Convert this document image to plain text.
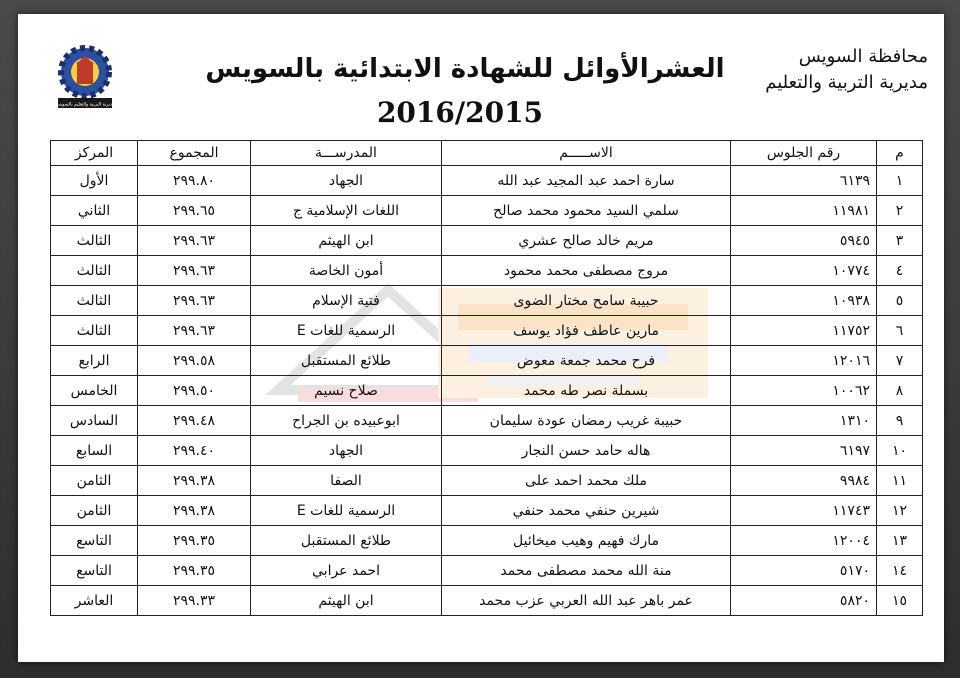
مديرية التربية والتعليم بالسويس
محافظة السويس
مديرية التربية والتعليم
العشرالأوائل للشهادة الابتدائية بالسويس
2016/2015
م	رقم الجلوس	الاســـــم	المدرســـة	المجموع	المركز
١	٦١٣٩	سارة احمد عبد المجيد عبد الله	الجهاد	٢٩٩.٨٠	الأول
٢	١١٩٨١	سلمي السيد محمود محمد صالح	اللغات الإسلامية ج	٢٩٩.٦٥	الثاني
٣	٥٩٤٥	مريم خالد صالح عشري	ابن الهيثم	٢٩٩.٦٣	الثالث
٤	١٠٧٧٤	مروج مصطفى محمد محمود	أمون الخاصة	٢٩٩.٦٣	الثالث
٥	١٠٩٣٨	حبيبة سامح مختار الضوى	فتية الإسلام	٢٩٩.٦٣	الثالث
٦	١١٧٥٢	مارين عاطف فؤاد يوسف	الرسمية للغات E	٢٩٩.٦٣	الثالث
٧	١٢٠١٦	فرح محمد جمعة معوض	طلائع المستقبل	٢٩٩.٥٨	الرابع
٨	١٠٠٦٢	بسملة نصر طه محمد	صلاح نسيم	٢٩٩.٥٠	الخامس
٩	١٣١٠	حبيبة غريب رمضان عودة سليمان	ابوعبيده بن الجراح	٢٩٩.٤٨	السادس
١٠	٦١٩٧	هاله حامد حسن النجار	الجهاد	٢٩٩.٤٠	السابع
١١	٩٩٨٤	ملك محمد احمد على	الصفا	٢٩٩.٣٨	الثامن
١٢	١١٧٤٣	شيرين حنفي محمد حنفي	الرسمية للغات E	٢٩٩.٣٨	الثامن
١٣	١٢٠٠٤	مارك فهيم وهيب ميخائيل	طلائع المستقبل	٢٩٩.٣٥	التاسع
١٤	٥١٧٠	منة الله محمد مصطفى محمد	احمد عرابي	٢٩٩.٣٥	التاسع
١٥	٥٨٢٠	عمر باهر عبد الله العربي عزب محمد	ابن الهيثم	٢٩٩.٣٣	العاشر
